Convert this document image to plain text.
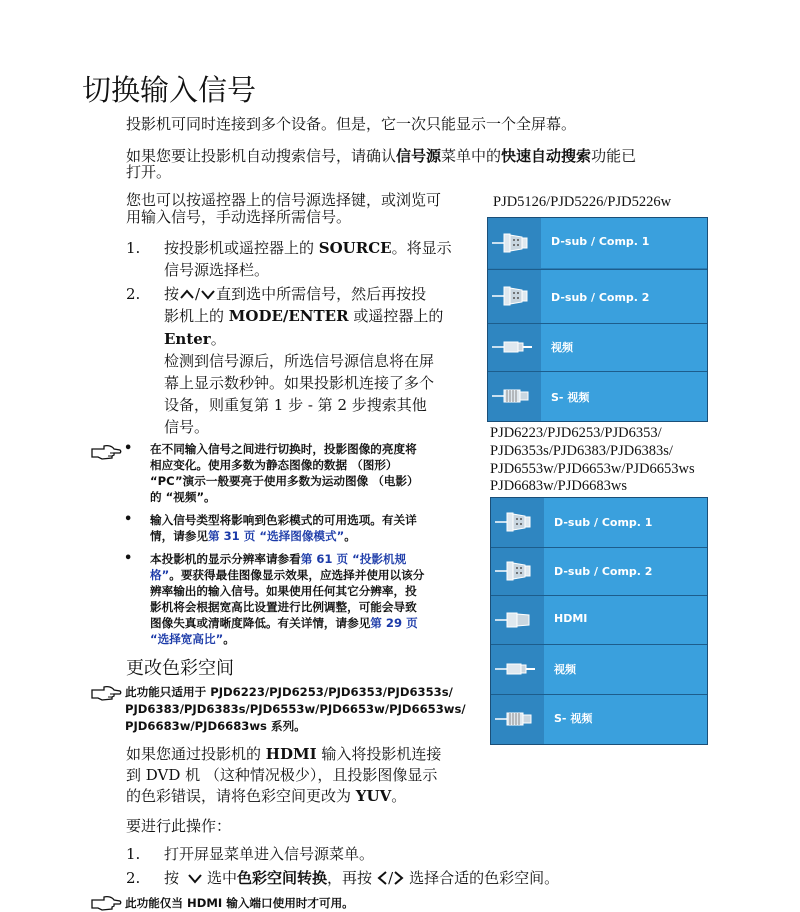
切换输入信号
投影机可同时连接到多个设备。但是，它一次只能显示一个全屏幕。
如果您要让投影机自动搜索信号，请确认信号源菜单中的快速自动搜索功能已
打开。
您也可以按遥控器上的信号源选择键，或浏览可
用输入信号，手动选择所需信号。
1. 按投影机或遥控器上的 SOURCE。将显示
信号源选择栏。
2. 按 / 直到选中所需信号，然后再按投
影机上的 MODE/ENTER 或遥控器上的
Enter。
检测到信号源后，所选信号源信息将在屏
幕上显示数秒钟。如果投影机连接了多个
设备，则重复第 1 步 - 第 2 步搜索其他
信号。
• 在不同输入信号之间进行切换时，投影图像的亮度将
相应变化。使用多数为静态图像的数据 （图形）
“PC”演示一般要亮于使用多数为运动图像 （电影）
的 “视频”。
• 输入信号类型将影响到色彩模式的可用选项。有关详
情，请参见第 31 页 “选择图像模式”。
• 本投影机的显示分辨率请参看第 61 页 “投影机规
格”。要获得最佳图像显示效果，应选择并使用以该分
辨率输出的输入信号。如果使用任何其它分辨率，投
影机将会根据宽高比设置进行比例调整，可能会导致
图像失真或清晰度降低。有关详情，请参见第 29 页
“选择宽高比”。
更改色彩空间
此功能只适用于 PJD6223/PJD6253/PJD6353/PJD6353s/
PJD6383/PJD6383s/PJD6553w/PJD6653w/PJD6653ws/
PJD6683w/PJD6683ws 系列。
如果您通过投影机的 HDMI 输入将投影机连接
到 DVD 机 （这种情况极少），且投影图像显示
的色彩错误，请将色彩空间更改为 YUV。
要进行此操作：
1. 打开屏显菜单进入信号源菜单。
2. 按 选中 色彩空间转换 ，再按 / 选择合适的色彩空间。
此功能仅当 HDMI 输入端口使用时才可用。
PJD5126/PJD5226/PJD5226w
D-sub / Comp. 1
D-sub / Comp. 2
视频
S- 视频
PJD6223/PJD6253/PJD6353/
PJD6353s/PJD6383/PJD6383s/
PJD6553w/PJD6653w/PJD6653ws
PJD6683w/PJD6683ws
D-sub / Comp. 1
D-sub / Comp. 2
HDMI
视频
S- 视频
